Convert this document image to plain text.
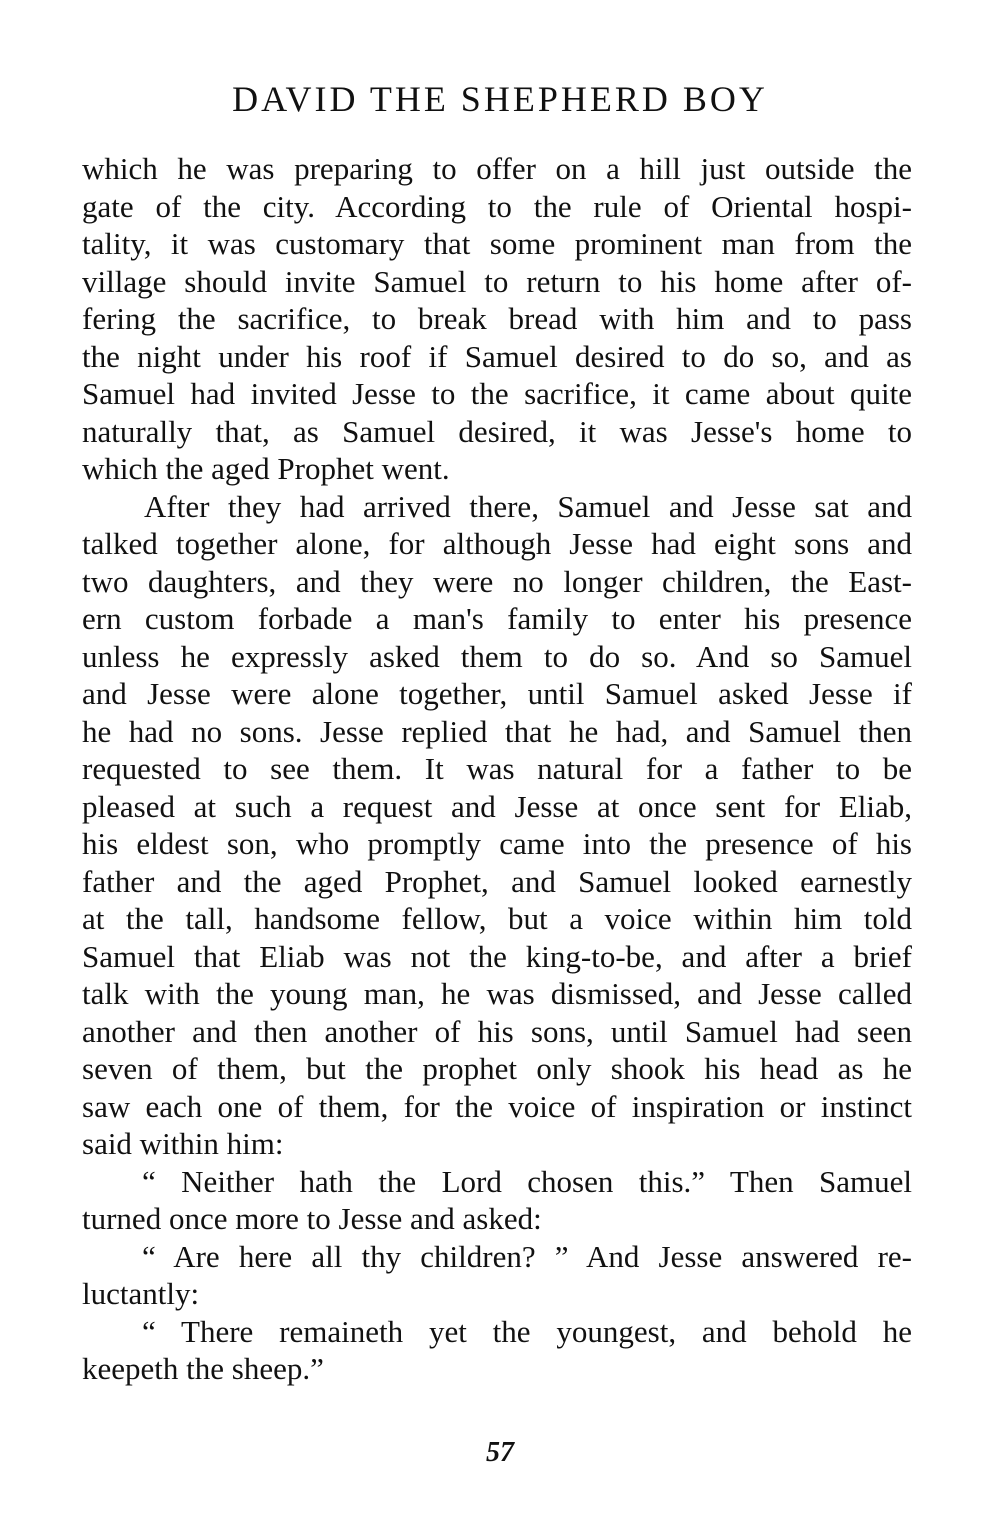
DAVID THE SHEPHERD BOY
which he was preparing to offer on a hill just outside the
gate of the city. According to the rule of Oriental hospi-
tality, it was customary that some prominent man from the
village should invite Samuel to return to his home after of-
fering the sacrifice, to break bread with him and to pass
the night under his roof if Samuel desired to do so, and as
Samuel had invited Jesse to the sacrifice, it came about quite
naturally that, as Samuel desired, it was Jesse's home to
which the aged Prophet went.
After they had arrived there, Samuel and Jesse sat and
talked together alone, for although Jesse had eight sons and
two daughters, and they were no longer children, the East-
ern custom forbade a man's family to enter his presence
unless he expressly asked them to do so. And so Samuel
and Jesse were alone together, until Samuel asked Jesse if
he had no sons. Jesse replied that he had, and Samuel then
requested to see them. It was natural for a father to be
pleased at such a request and Jesse at once sent for Eliab,
his eldest son, who promptly came into the presence of his
father and the aged Prophet, and Samuel looked earnestly
at the tall, handsome fellow, but a voice within him told
Samuel that Eliab was not the king-to-be, and after a brief
talk with the young man, he was dismissed, and Jesse called
another and then another of his sons, until Samuel had seen
seven of them, but the prophet only shook his head as he
saw each one of them, for the voice of inspiration or instinct
said within him:
“ Neither hath the Lord chosen this.” Then Samuel
turned once more to Jesse and asked:
“ Are here all thy children? ” And Jesse answered re-
luctantly:
“ There remaineth yet the youngest, and behold he
keepeth the sheep.”
57
